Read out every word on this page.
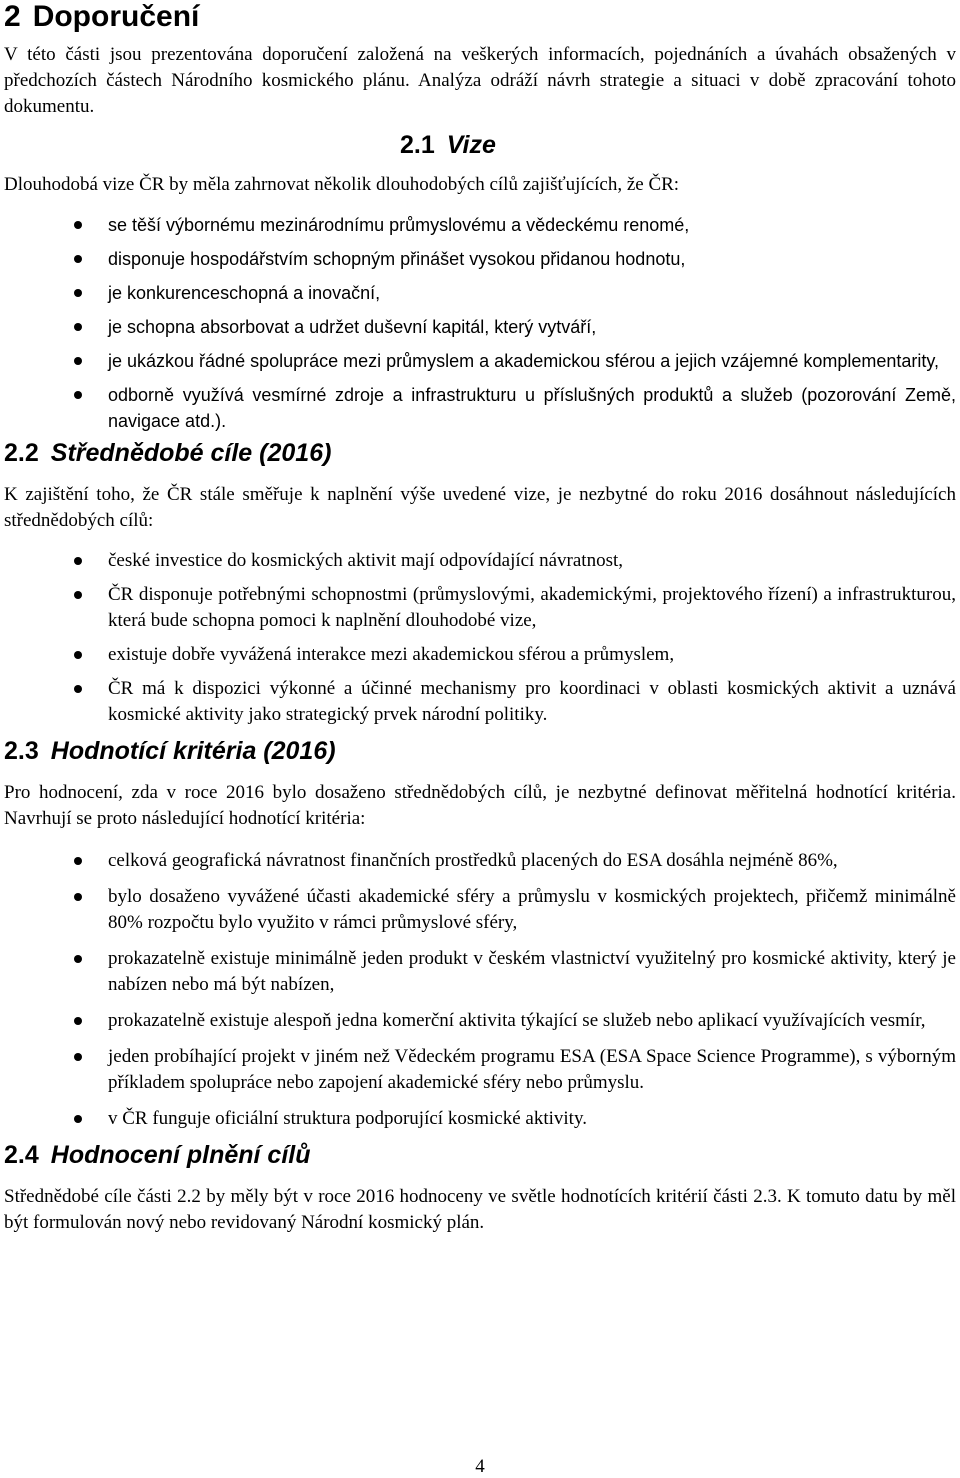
2 Doporučení

V této části jsou prezentována doporučení založená na veškerých informacích, pojednáních a úvahách obsažených v předchozích částech Národního kosmického plánu. Analýza odráží návrh strategie a situaci v době zpracování tohoto dokumentu.

2.1 Vize

Dlouhodobá vize ČR by měla zahrnovat několik dlouhodobých cílů zajišťujících, že ČR:

se těší výbornému mezinárodnímu průmyslovému a vědeckému renomé,
disponuje hospodářstvím schopným přinášet vysokou přidanou hodnotu,
je konkurenceschopná a inovační,
je schopna absorbovat a udržet duševní kapitál, který vytváří,
je ukázkou řádné spolupráce mezi průmyslem a akademickou sférou a jejich vzájemné komplementarity,
odborně využívá vesmírné zdroje a infrastrukturu u příslušných produktů a služeb (pozorování Země, navigace atd.).
2.2 Střednědobé cíle (2016)

K zajištění toho, že ČR stále směřuje k naplnění výše uvedené vize, je nezbytné do roku 2016 dosáhnout následujících střednědobých cílů:

české investice do kosmických aktivit mají odpovídající návratnost,
ČR disponuje potřebnými schopnostmi (průmyslovými, akademickými, projektového řízení) a infrastrukturou, která bude schopna pomoci k naplnění dlouhodobé vize,
existuje dobře vyvážená interakce mezi akademickou sférou a průmyslem,
ČR má k dispozici výkonné a účinné mechanismy pro koordinaci v oblasti kosmických aktivit a uznává kosmické aktivity jako strategický prvek národní politiky.
2.3 Hodnotící kritéria (2016)

Pro hodnocení, zda v roce 2016 bylo dosaženo střednědobých cílů, je nezbytné definovat měřitelná hodnotící kritéria. Navrhují se proto následující hodnotící kritéria:

celková geografická návratnost finančních prostředků placených do ESA dosáhla nejméně 86%,
bylo dosaženo vyvážené účasti akademické sféry a průmyslu v kosmických projektech, přičemž minimálně 80% rozpočtu bylo využito v rámci průmyslové sféry,
prokazatelně existuje minimálně jeden produkt v českém vlastnictví využitelný pro kosmické aktivity, který je nabízen nebo má být nabízen,
prokazatelně existuje alespoň jedna komerční aktivita týkající se služeb nebo aplikací využívajících vesmír,
jeden probíhající projekt v jiném než Vědeckém programu ESA (ESA Space Science Programme), s výborným příkladem spolupráce nebo zapojení akademické sféry nebo průmyslu.
v ČR funguje oficiální struktura podporující kosmické aktivity.
2.4 Hodnocení plnění cílů

Střednědobé cíle části 2.2 by měly být v roce 2016 hodnoceny ve světle hodnotících kritérií části 2.3. K tomuto datu by měl být formulován nový nebo revidovaný Národní kosmický plán.

4
